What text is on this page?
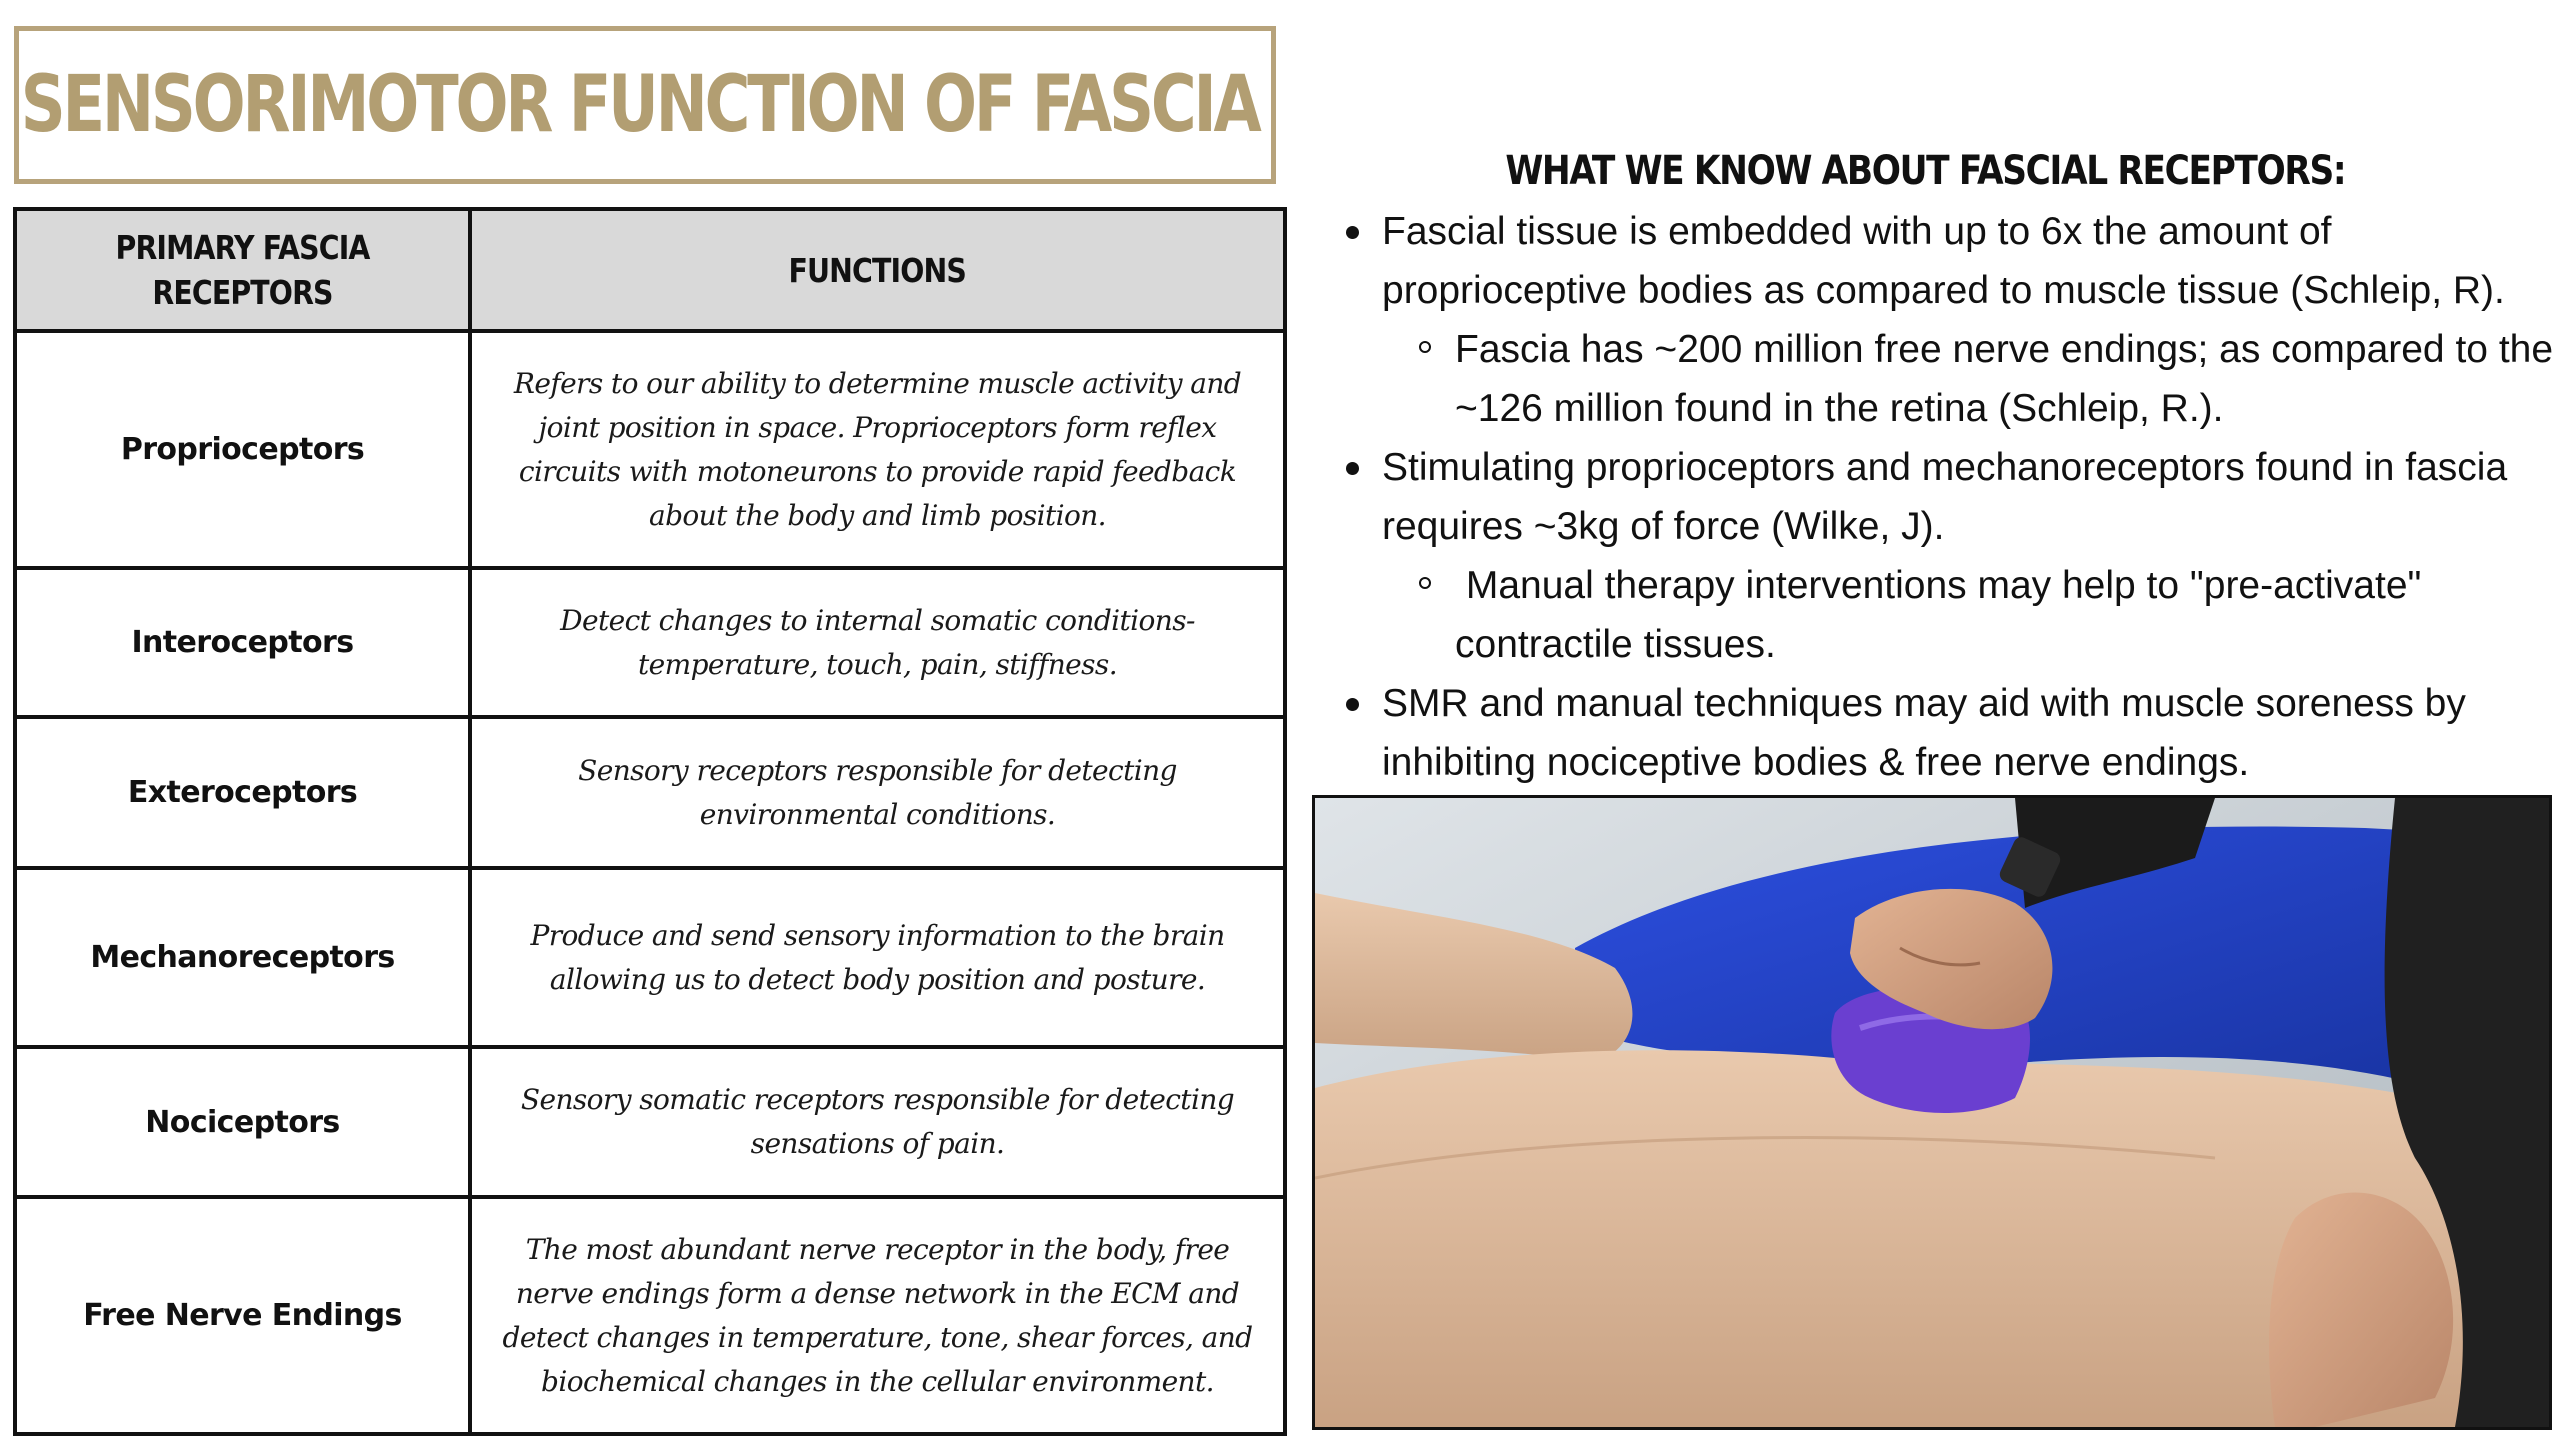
SENSORIMOTOR FUNCTION OF FASCIA
PRIMARY FASCIA RECEPTORS	FUNCTIONS
Proprioceptors	Refers to our ability to determine muscle activity and joint position in space. Proprioceptors form reflex circuits with motoneurons to provide rapid feedback about the body and limb position.
Interoceptors	Detect changes to internal somatic conditions- temperature, touch, pain, stiffness.
Exteroceptors	Sensory receptors responsible for detecting environmental conditions.
Mechanoreceptors	Produce and send sensory information to the brain allowing us to detect body position and posture.
Nociceptors	Sensory somatic receptors responsible for detecting sensations of pain.
Free Nerve Endings	The most abundant nerve receptor in the body, free nerve endings form a dense network in the ECM and detect changes in temperature, tone, shear forces, and biochemical changes in the cellular environment.
WHAT WE KNOW ABOUT FASCIAL RECEPTORS:
Fascial tissue is embedded with up to 6x the amount of proprioceptive bodies as compared to muscle tissue (Schleip, R).
Fascia has ~200 million free nerve endings; as compared to the ~126 million found in the retina (Schleip, R.).
Stimulating proprioceptors and mechanoreceptors found in fascia requires ~3kg of force (Wilke, J).
Manual therapy interventions may help to "pre-activate" contractile tissues.
SMR and manual techniques may aid with muscle soreness by inhibiting nociceptive bodies & free nerve endings.
